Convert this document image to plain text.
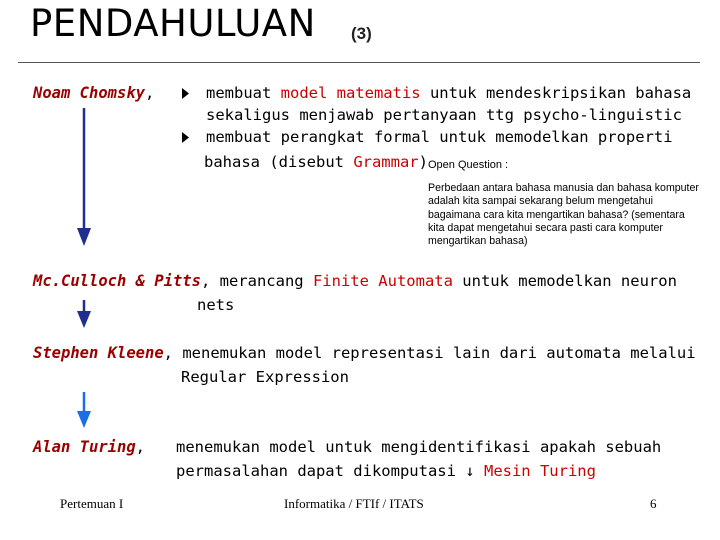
PENDAHULUAN (3)
Noam Chomsky,	membuat model matematis untuk mendeskripsikan bahasa
sekaligus menjawab pertanyaan ttg psycho-linguistic
membuat perangkat formal untuk memodelkan properti
bahasa (disebut Grammar) Open Question :
Perbedaan antara bahasa manusia dan bahasa komputer adalah kita sampai sekarang belum mengetahui bagaimana cara kita mengartikan bahasa? (sementara kita dapat mengetahui secara pasti cara komputer mengartikan bahasa)
Mc.Culloch & Pitts, merancang Finite Automata untuk memodelkan neuron
nets
Stephen Kleene, menemukan model representasi lain dari automata melalui
Regular Expression
Alan Turing, menemukan model untuk mengidentifikasi apakah sebuah
permasalahan dapat dikomputasi ↓ Mesin Turing
Pertemuan I	Informatika / FTIf / ITATS	6
